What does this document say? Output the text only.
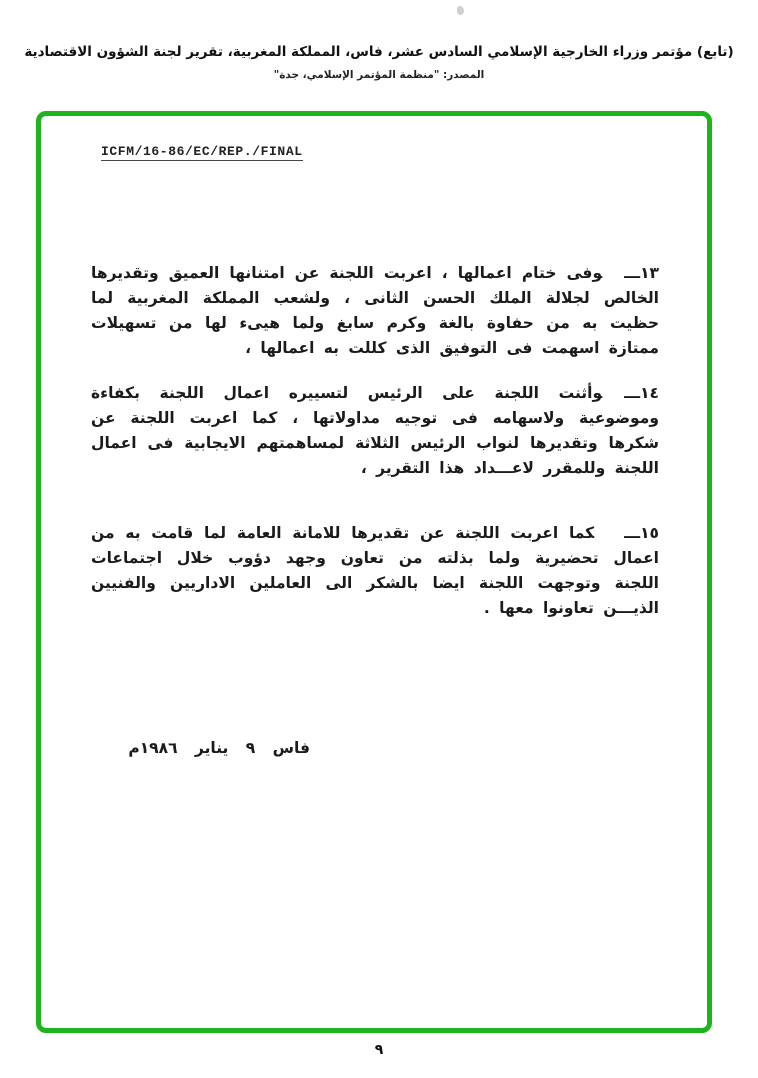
(تابع) مؤتمر وزراء الخارجية الإسلامي السادس عشر، فاس، المملكة المغربية، تقرير لجنة الشؤون الاقتصادية
المصدر: "منظمة المؤتمر الإسلامي، جدة"
ICFM/16-86/EC/REP./FINAL

١٣ـــوفى ختام اعمالها ، اعربت اللجنة عن امتنانها العميق وتقديرها الخالص لجلالة الملك الحسن الثانى ، ولشعب المملكة المغربية لما حظيت به من حفاوة بالغة وكرم سابغ ولما هيىء لها من تسهيلات ممتازة اسهمت فى التوفيق الذى كللت به اعمالها ،

١٤ـــوأثنت اللجنة على الرئيس لتسييره اعمال اللجنة بكفاءة وموضوعية ولاسهامه فى توجيه مداولاتها ، كما اعربت اللجنة عن شكرها وتقديرها لنواب الرئيس الثلاثة لمساهمتهم الايجابية فى اعمال اللجنة وللمقرر لاعـــداد هذا التقرير ،

١٥ـــكما اعربت اللجنة عن تقديرها للامانة العامة لما قامت به من اعمال تحضيرية ولما بذلته من تعاون وجهد دؤوب خلال اجتماعات اللجنة وتوجهت اللجنة ايضا بالشكر الى العاملين الاداريين والفنيين الذيـــن تعاونوا معها .

فاس ٩ يناير ١٩٨٦م
٩
